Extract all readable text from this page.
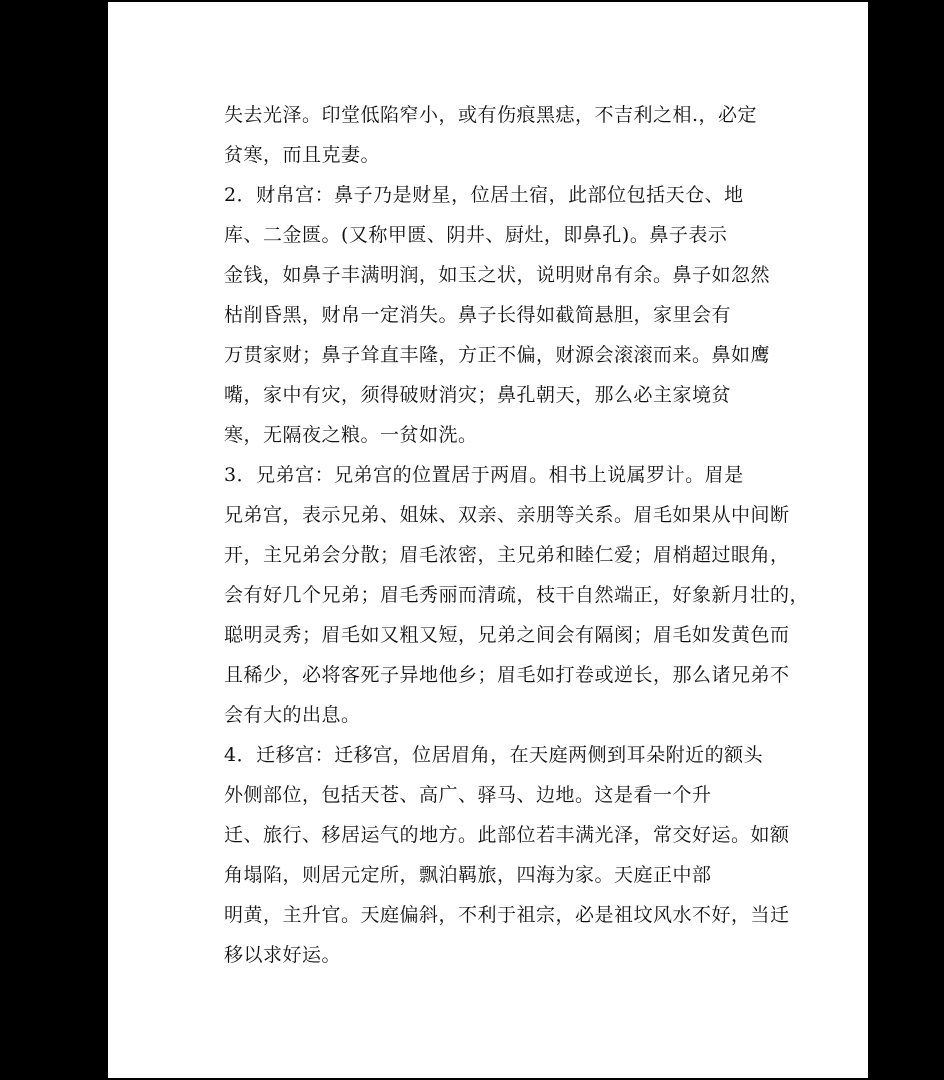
失去光泽。印堂低陷窄小，或有伤痕黑痣，不吉利之相.，必定
贫寒，而且克妻。
2．财帛宫：鼻子乃是财星，位居土宿，此部位包括天仓、地
库、二金匮。(又称甲匮、阴井、厨灶，即鼻孔)。鼻子表示
金钱，如鼻子丰满明润，如玉之状，说明财帛有余。鼻子如忽然
枯削昏黑，财帛一定消失。鼻子长得如截简悬胆，家里会有
万贯家财；鼻子耸直丰隆，方正不偏，财源会滚滚而来。鼻如鹰
嘴，家中有灾，须得破财消灾；鼻孔朝天，那么必主家境贫
寒，无隔夜之粮。一贫如洗。
3．兄弟宫：兄弟宫的位置居于两眉。相书上说属罗计。眉是
兄弟宫，表示兄弟、姐妹、双亲、亲朋等关系。眉毛如果从中间断
开，主兄弟会分散；眉毛浓密，主兄弟和睦仁爱；眉梢超过眼角，
会有好几个兄弟；眉毛秀丽而清疏，枝干自然端正，好象新月壮的，
聪明灵秀；眉毛如又粗又短，兄弟之间会有隔阂；眉毛如发黄色而
且稀少，必将客死子异地他乡；眉毛如打卷或逆长，那么诸兄弟不
会有大的出息。
4．迁移宫：迁移宫，位居眉角，在天庭两侧到耳朵附近的额头
外侧部位，包括天苍、高广、驿马、边地。这是看一个升
迁、旅行、移居运气的地方。此部位若丰满光泽，常交好运。如额
角塌陷，则居元定所，飘泊羁旅，四海为家。天庭正中部
明黄，主升官。天庭偏斜，不利于祖宗，必是祖坟风水不好，当迁
移以求好运。
